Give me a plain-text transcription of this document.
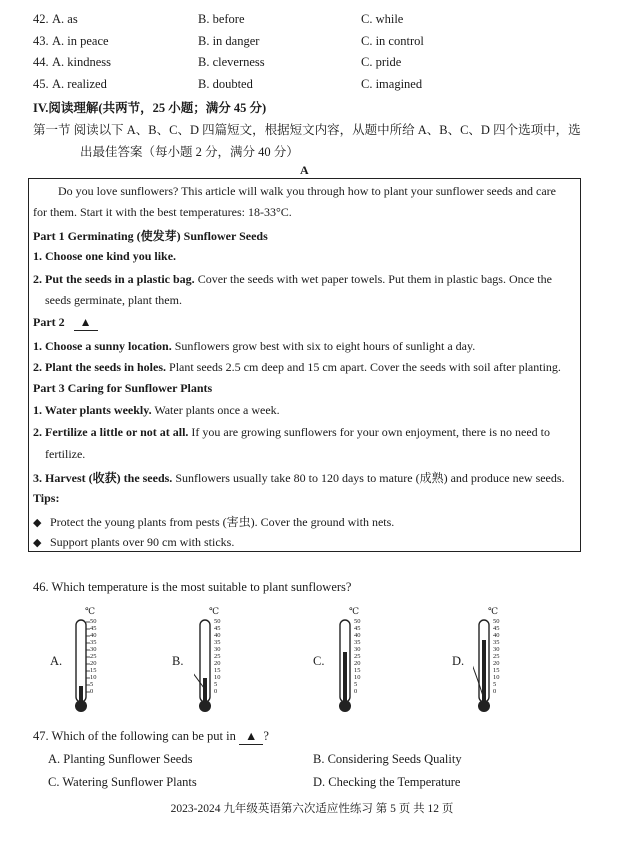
42. A. as	B. before	C. while
43. A. in peace	B. in danger	C. in control
44. A. kindness	B. cleverness	C. pride
45. A. realized	B. doubted	C. imagined
IV.阅读理解(共两节，25 小题；满分 45 分)
第一节 阅读以下 A、B、C、D 四篇短文，根据短文内容，从题中所给 A、B、C、D 四个选项中，选
出最佳答案（每小题 2 分，满分 40 分）
A
Do you love sunflowers? This article will walk you through how to plant your sunflower seeds and care
for them. Start it with the best temperatures: 18-33°C.
Part 1 Germinating (使发芽) Sunflower Seeds
1. Choose one kind you like.
2. Put the seeds in a plastic bag. Cover the seeds with wet paper towels. Put them in plastic bags. Once the
seeds germinate, plant them.
Part 2 ▲
1. Choose a sunny location. Sunflowers grow best with six to eight hours of sunlight a day.
2. Plant the seeds in holes. Plant seeds 2.5 cm deep and 15 cm apart. Cover the seeds with soil after planting.
Part 3 Caring for Sunflower Plants
1. Water plants weekly. Water plants once a week.
2. Fertilize a little or not at all. If you are growing sunflowers for your own enjoyment, there is no need to
fertilize.
3. Harvest (收获) the seeds. Sunflowers usually take 80 to 120 days to mature (成熟) and produce new seeds.
Tips:
◆ Protect the young plants from pests (害虫). Cover the ground with nets.
◆ Support plants over 90 cm with sticks.
46. Which temperature is the most suitable to plant sunflowers?
A.	B.	C.	D.
℃
50
45
40
35
30
25
20
15
10
5
0
℃
50
45
40
35
30
25
20
15
10
5
0
℃
50
45
40
35
30
25
20
15
10
5
0
℃
50
45
40
35
30
25
20
15
10
5
0
47. Which of the following can be put in ▲ ?
A. Planting Sunflower Seeds	B. Considering Seeds Quality
C. Watering Sunflower Plants	D. Checking the Temperature
2023-2024 九年级英语第六次适应性练习 第 5 页 共 12 页
